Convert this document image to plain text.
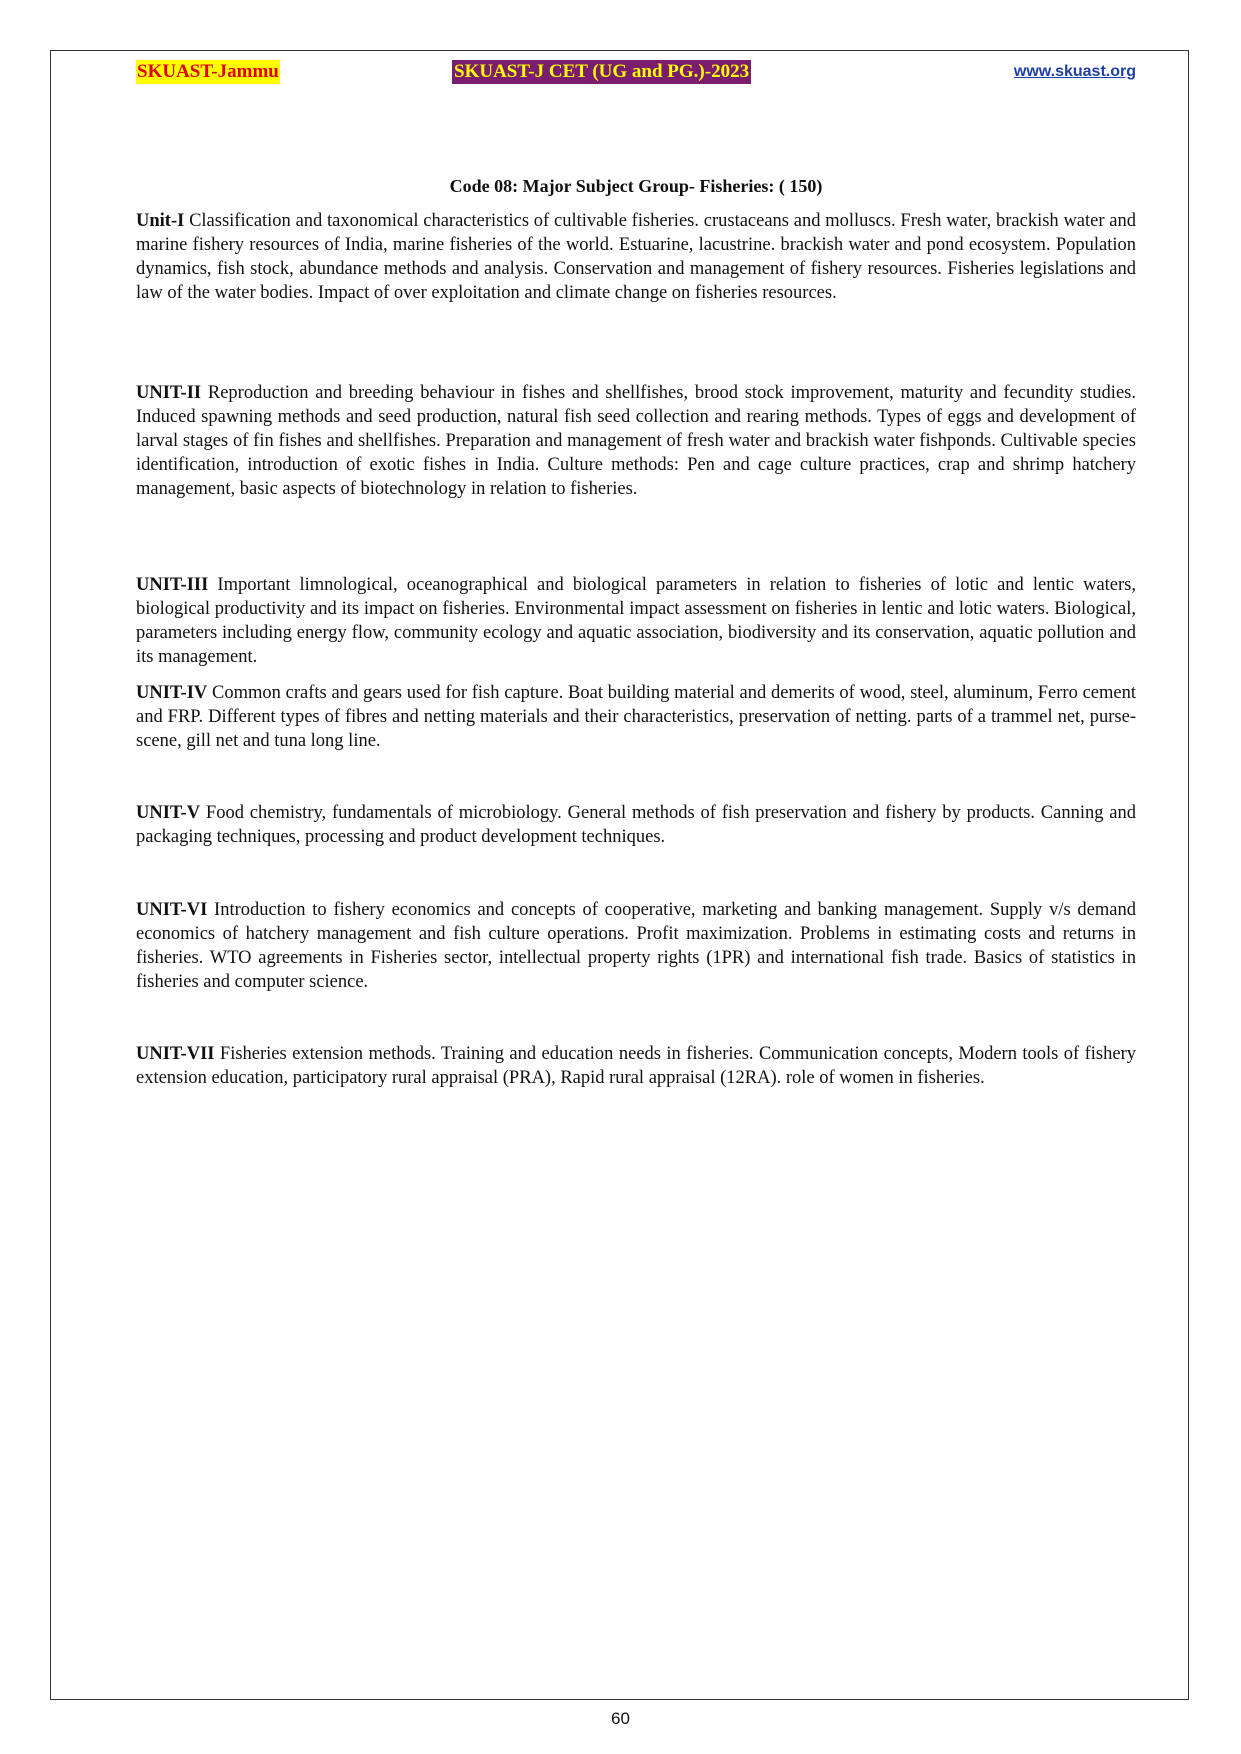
SKUAST-Jammu	SKUAST-J CET (UG and PG.)-2023	www.skuast.org
Code 08: Major Subject Group- Fisheries: ( 150)

Unit-I Classification and taxonomical characteristics of cultivable fisheries. crustaceans and molluscs. Fresh water, brackish water and marine fishery resources of India, marine fisheries of the world. Estuarine, lacustrine. brackish water and pond ecosystem. Population dynamics, fish stock, abundance methods and analysis. Conservation and management of fishery resources. Fisheries legislations and law of the water bodies. Impact of over exploitation and climate change on fisheries resources.

UNIT-II Reproduction and breeding behaviour in fishes and shellfishes, brood stock improvement, maturity and fecundity studies. Induced spawning methods and seed production, natural fish seed collection and rearing methods. Types of eggs and development of larval stages of fin fishes and shellfishes. Preparation and management of fresh water and brackish water fishponds. Cultivable species identification, introduction of exotic fishes in India. Culture methods: Pen and cage culture practices, crap and shrimp hatchery management, basic aspects of biotechnology in relation to fisheries.

UNIT-III Important limnological, oceanographical and biological parameters in relation to fisheries of lotic and lentic waters, biological productivity and its impact on fisheries. Environmental impact assessment on fisheries in lentic and lotic waters. Biological, parameters including energy flow, community ecology and aquatic association, biodiversity and its conservation, aquatic pollution and its management.

UNIT-IV Common crafts and gears used for fish capture. Boat building material and demerits of wood, steel, aluminum, Ferro cement and FRP. Different types of fibres and netting materials and their characteristics, preservation of netting. parts of a trammel net, purse-scene, gill net and tuna long line.

UNIT-V Food chemistry, fundamentals of microbiology. General methods of fish preservation and fishery by products. Canning and packaging techniques, processing and product development techniques.

UNIT-VI Introduction to fishery economics and concepts of cooperative, marketing and banking management. Supply v/s demand economics of hatchery management and fish culture operations. Profit maximization. Problems in estimating costs and returns in fisheries. WTO agreements in Fisheries sector, intellectual property rights (1PR) and international fish trade. Basics of statistics in fisheries and computer science.

UNIT-VII Fisheries extension methods. Training and education needs in fisheries. Communication concepts, Modern tools of fishery extension education, participatory rural appraisal (PRA), Rapid rural appraisal (12RA). role of women in fisheries.

60
